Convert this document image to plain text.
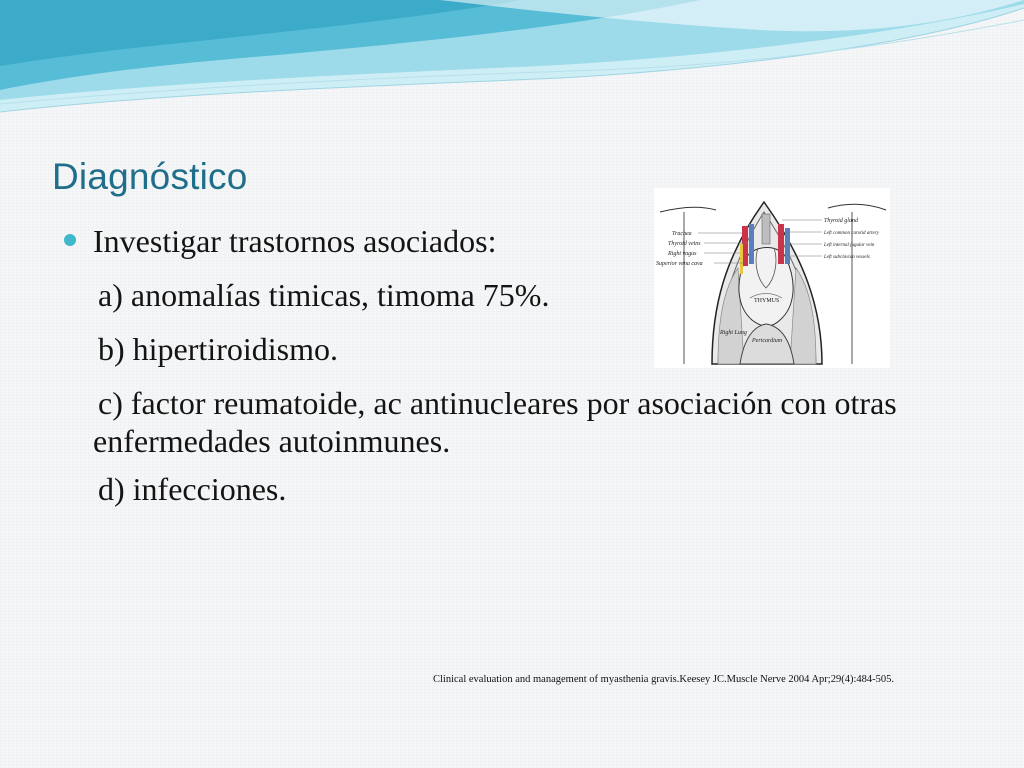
Diagnóstico
Investigar trastornos asociados:
a) anomalías timicas, timoma 75%.
b) hipertiroidismo.
c) factor reumatoide, ac antinucleares por asociación con otras enfermedades autoinmunes.
d) infecciones.
Trachea
Thyroid veins
Right vagus
Superior vena cava
Thyroid gland
Left common carotid artery
Left internal jugular vein
Left subclavian vessels
Right Lung
Pericardium
THYMUS

Clinical evaluation and management of myasthenia gravis.Keesey JC.Muscle Nerve 2004 Apr;29(4):484-505.
